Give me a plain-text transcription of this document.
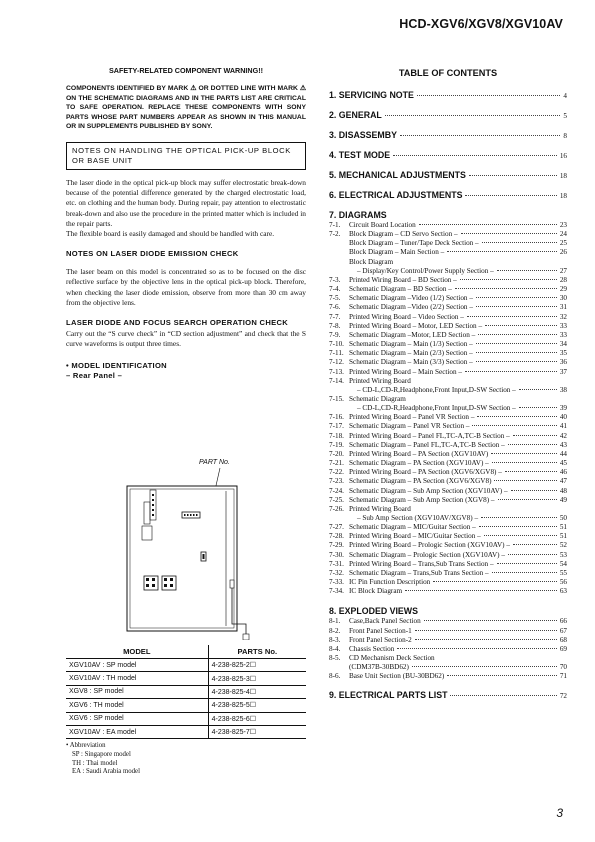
HCD-XGV6/XGV8/XGV10AV
SAFETY-RELATED COMPONENT WARNING!!
COMPONENTS IDENTIFIED BY MARK ⚠ OR DOTTED LINE WITH MARK ⚠ ON THE SCHEMATIC DIAGRAMS AND IN THE PARTS LIST ARE CRITICAL TO SAFE OPERATION. REPLACE THESE COMPONENTS WITH SONY PARTS WHOSE PART NUMBERS APPEAR AS SHOWN IN THIS MANUAL OR IN SUPPLEMENTS PUBLISHED BY SONY.
NOTES ON HANDLING THE OPTICAL PICK-UP BLOCK OR BASE UNIT
The laser diode in the optical pick-up block may suffer electrostatic break-down because of the potential difference generated by the charged electrostatic load, etc. on clothing and the human body. During repair, pay attention to electrostatic break-down and also use the procedure in the printed matter which is included in the repair parts.
The flexible board is easily damaged and should be handled with care.
NOTES ON LASER DIODE EMISSION CHECK
The laser beam on this model is concentrated so as to be focused on the disc reflective surface by the objective lens in the optical pick-up block. Therefore, when checking the laser diode emission, observe from more than 30 cm away from the objective lens.
LASER DIODE AND FOCUS SEARCH OPERATION CHECK
Carry out the “S curve check” in “CD section adjustment” and check that the S curve waveforms is output three times.
• MODEL IDENTIFICATION
– Rear Panel –
PART No.
MODEL	PARTS No.
XGV10AV : SP model	4-238-825-2☐
XGV10AV : TH model	4-238-825-3☐
XGV8 : SP model	4-238-825-4☐
XGV6 : TH model	4-238-825-5☐
XGV6 : SP model	4-238-825-6☐
XGV10AV : EA model	4-238-825-7☐
• Abbreviation
SP : Singapore model
TH : Thai model
EA : Saudi Arabia model
TABLE OF CONTENTS
1. SERVICING NOTE	4
2. GENERAL	5
3. DISASSEMBY	8
4. TEST MODE	16
5. MECHANICAL ADJUSTMENTS	18
6. ELECTRICAL ADJUSTMENTS	18
7. DIAGRAMS
7-1.	Circuit Board Location	23
7-2.	Block Diagram – CD Servo Section –	24
Block Diagram – Tuner/Tape Deck Section –	25
Block Diagram – Main Section –	26
Block Diagram
– Display/Key Control/Power Supply Section –	27
7-3.	Printed Wiring Board – BD Section –	28
7-4.	Schematic Diagram – BD Section –	29
7-5.	Schematic Diagram –Video (1/2) Section –	30
7-6.	Schematic Diagram –Video (2/2) Section –	31
7-7.	Printed Wiring Board – Video Section –	32
7-8.	Printed Wiring Board – Motor, LED Section –	33
7-9.	Schematic Diagram –Motor, LED Section –	33
7-10. Schematic Diagram – Main (1/3) Section –	34
7-11. Schematic Diagram – Main (2/3) Section –	35
7-12. Schematic Diagram – Main (3/3) Section –	36
7-13. Printed Wiring Board – Main Section –	37
7-14. Printed Wiring Board
– CD-L,CD-R,Headphone,Front Input,D-SW Section –	38
7-15. Schematic Diagram
– CD-L,CD-R,Headphone,Front Input,D-SW Section –	39
7-16. Printed Wiring Board – Panel VR Section –	40
7-17. Schematic Diagram – Panel VR Section –	41
7-18. Printed Wiring Board – Panel FL,TC-A,TC-B Section –	42
7-19. Schematic Diagram – Panel FL,TC-A,TC-B Section –	43
7-20. Printed Wiring Board – PA Section (XGV10AV)	44
7-21. Schematic Diagram – PA Section (XGV10AV) –	45
7-22. Printed Wiring Board – PA Section (XGV6/XGV8) –	46
7-23. Schematic Diagram – PA Section (XGV6/XGV8)	47
7-24. Schematic Diagram – Sub Amp Section (XGV10AV) –	48
7-25. Schematic Diagram – Sub Amp Section (XGV8) –	49
7-26. Printed Wiring Board
– Sub Amp Section (XGV10AV/XGV8) –	50
7-27. Schematic Diagram – MIC/Guitar Section –	51
7-28. Printed Wiring Board – MIC/Guitar Section –	51
7-29. Printed Wiring Board – Prologic Section (XGV10AV) –	52
7-30. Schematic Diagram – Prologic Section (XGV10AV) –	53
7-31. Printed Wiring Board – Trans,Sub Trans Section –	54
7-32. Schematic Diagram – Trans,Sub Trans Section –	55
7-33. IC Pin Function Description	56
7-34. IC Block Diagram	63
8. EXPLODED VIEWS
8-1.	Case,Back Panel Section	66
8-2.	Front Panel Section-1	67
8-3.	Front Panel Section-2	68
8-4.	Chassis Section	69
8-5.	CD Mechanism Deck Section
(CDM37B-30BD62)	70
8-6.	Base Unit Section (BU-30BD62)	71
9. ELECTRICAL PARTS LIST	72
3
